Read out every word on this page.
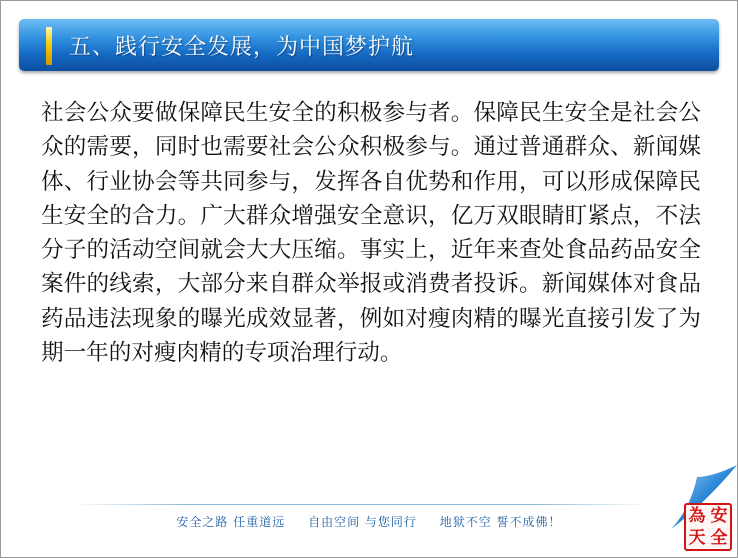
五、践行安全发展，为中国梦护航

社会公众要做保障民生安全的积极参与者。保障民生安全是社会公众的需要，同时也需要社会公众积极参与。通过普通群众、新闻媒体、行业协会等共同参与，发挥各自优势和作用，可以形成保障民生安全的合力。广大群众增强安全意识，亿万双眼睛盯紧点，不法分子的活动空间就会大大压缩。事实上，近年来查处食品药品安全案件的线索，大部分来自群众举报或消费者投诉。新闻媒体对食品药品违法现象的曝光成效显著，例如对瘦肉精的曝光直接引发了为期一年的对瘦肉精的专项治理行动。

安全之路 任重道远 自由空间 与您同行 地狱不空 誓不成佛！	為 安
天 全
